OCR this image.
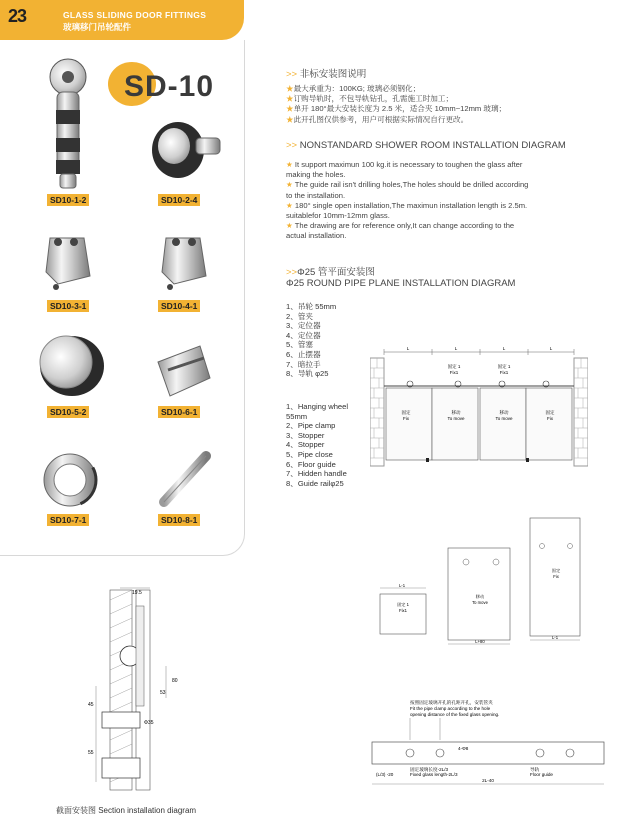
23	GLASS SLIDING DOOR FITTINGS
玻璃移门吊轮配件
SD-10
SD10-1-2	SD10-2-4
SD10-3-1	SD10-4-1
SD10-5-2	SD10-6-1
SD10-7-1	SD10-8-1
>> 非标安装图说明
★最大承重为：100KG; 玻璃必须钢化；
★订购导轨时，不包导轨钻孔，孔需施工时加工；
★单开 180°最大安装长度为 2.5 米，适合夹 10mm~12mm 玻璃；
★此开孔图仅供参考，用户可根据实际情况自行更改。
>> NONSTANDARD SHOWER ROOM INSTALLATION DIAGRAM
★ It support maximun 100 kg.it is necessary to toughen the glass after
making the holes.
★ The guide rail isn't drilling holes,The holes should be drilled according
to the installation.
★ 180° single open installation,The maximun installation length is 2.5m.
suitablefor 10mm-12mm glass.
★ The drawing are for reference only,It can change according to the
actual installation.
>>Φ25 管平面安装图
Φ25 ROUND PIPE PLANE INSTALLATION DIAGRAM
1、吊轮 55mm
2、管夹
3、定位器
4、定位器
5、管塞
6、止摆器
7、暗拉手
8、导轨 φ25
1、Hanging wheel
55mm
2、Pipe clamp
3、Stopper
4、Stopper
5、Pipe close
6、Floor guide
7、Hidden handle
8、Guide railφ25
L	L	L	L
固定
Fix
固定 1
Fix1
移动
To move
移动
To move
固定 1
Fix1
固定
Fix
L-1
固定 1
Fix1
L+80
移动
To move
L-1
固定
Fix
按照固定玻璃开孔的孔距开孔，安装管夹
Fit the pipe clamp according to the hole
opening distance of the fixed glass opening.
4-Φ8
固定玻璃长度-2L/3
Fixed glass length-2L/3
导轨
Floor guide
(L/3) -20
2L-40
19.5
53
80
45
Φ35
55
截面安装图 Section installation diagram
